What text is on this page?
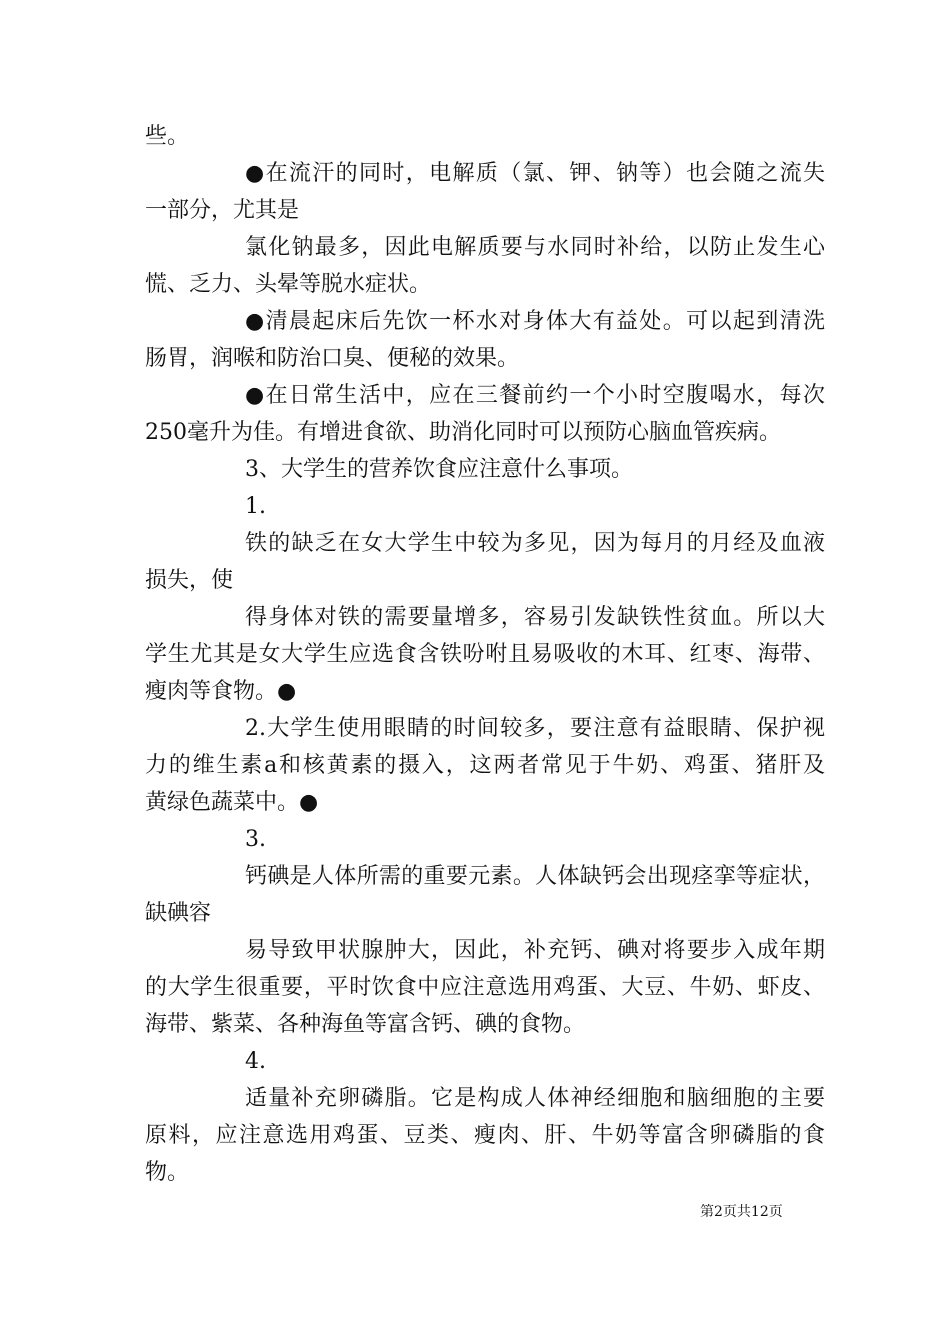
些。
●在流汗的同时，电解质（氯、钾、钠等）也会随之流失
一部分，尤其是
氯化钠最多，因此电解质要与水同时补给，以防止发生心
慌、乏力、头晕等脱水症状。
●清晨起床后先饮一杯水对身体大有益处。可以起到清洗
肠胃，润喉和防治口臭、便秘的效果。
●在日常生活中，应在三餐前约一个小时空腹喝水，每次
250毫升为佳。有增进食欲、助消化同时可以预防心脑血管疾病。
3、大学生的营养饮食应注意什么事项。
1.
铁的缺乏在女大学生中较为多见，因为每月的月经及血液
损失，使
得身体对铁的需要量增多，容易引发缺铁性贫血。所以大
学生尤其是女大学生应选食含铁吩咐且易吸收的木耳、红枣、海带、
瘦肉等食物。●
2.大学生使用眼睛的时间较多，要注意有益眼睛、保护视
力的维生素a和核黄素的摄入，这两者常见于牛奶、鸡蛋、猪肝及
黄绿色蔬菜中。●
3.
钙碘是人体所需的重要元素。人体缺钙会出现痉挛等症状，
缺碘容
易导致甲状腺肿大，因此，补充钙、碘对将要步入成年期
的大学生很重要，平时饮食中应注意选用鸡蛋、大豆、牛奶、虾皮、
海带、紫菜、各种海鱼等富含钙、碘的食物。
4.
适量补充卵磷脂。它是构成人体神经细胞和脑细胞的主要
原料，应注意选用鸡蛋、豆类、瘦肉、肝、牛奶等富含卵磷脂的食
物。
第2页共12页
